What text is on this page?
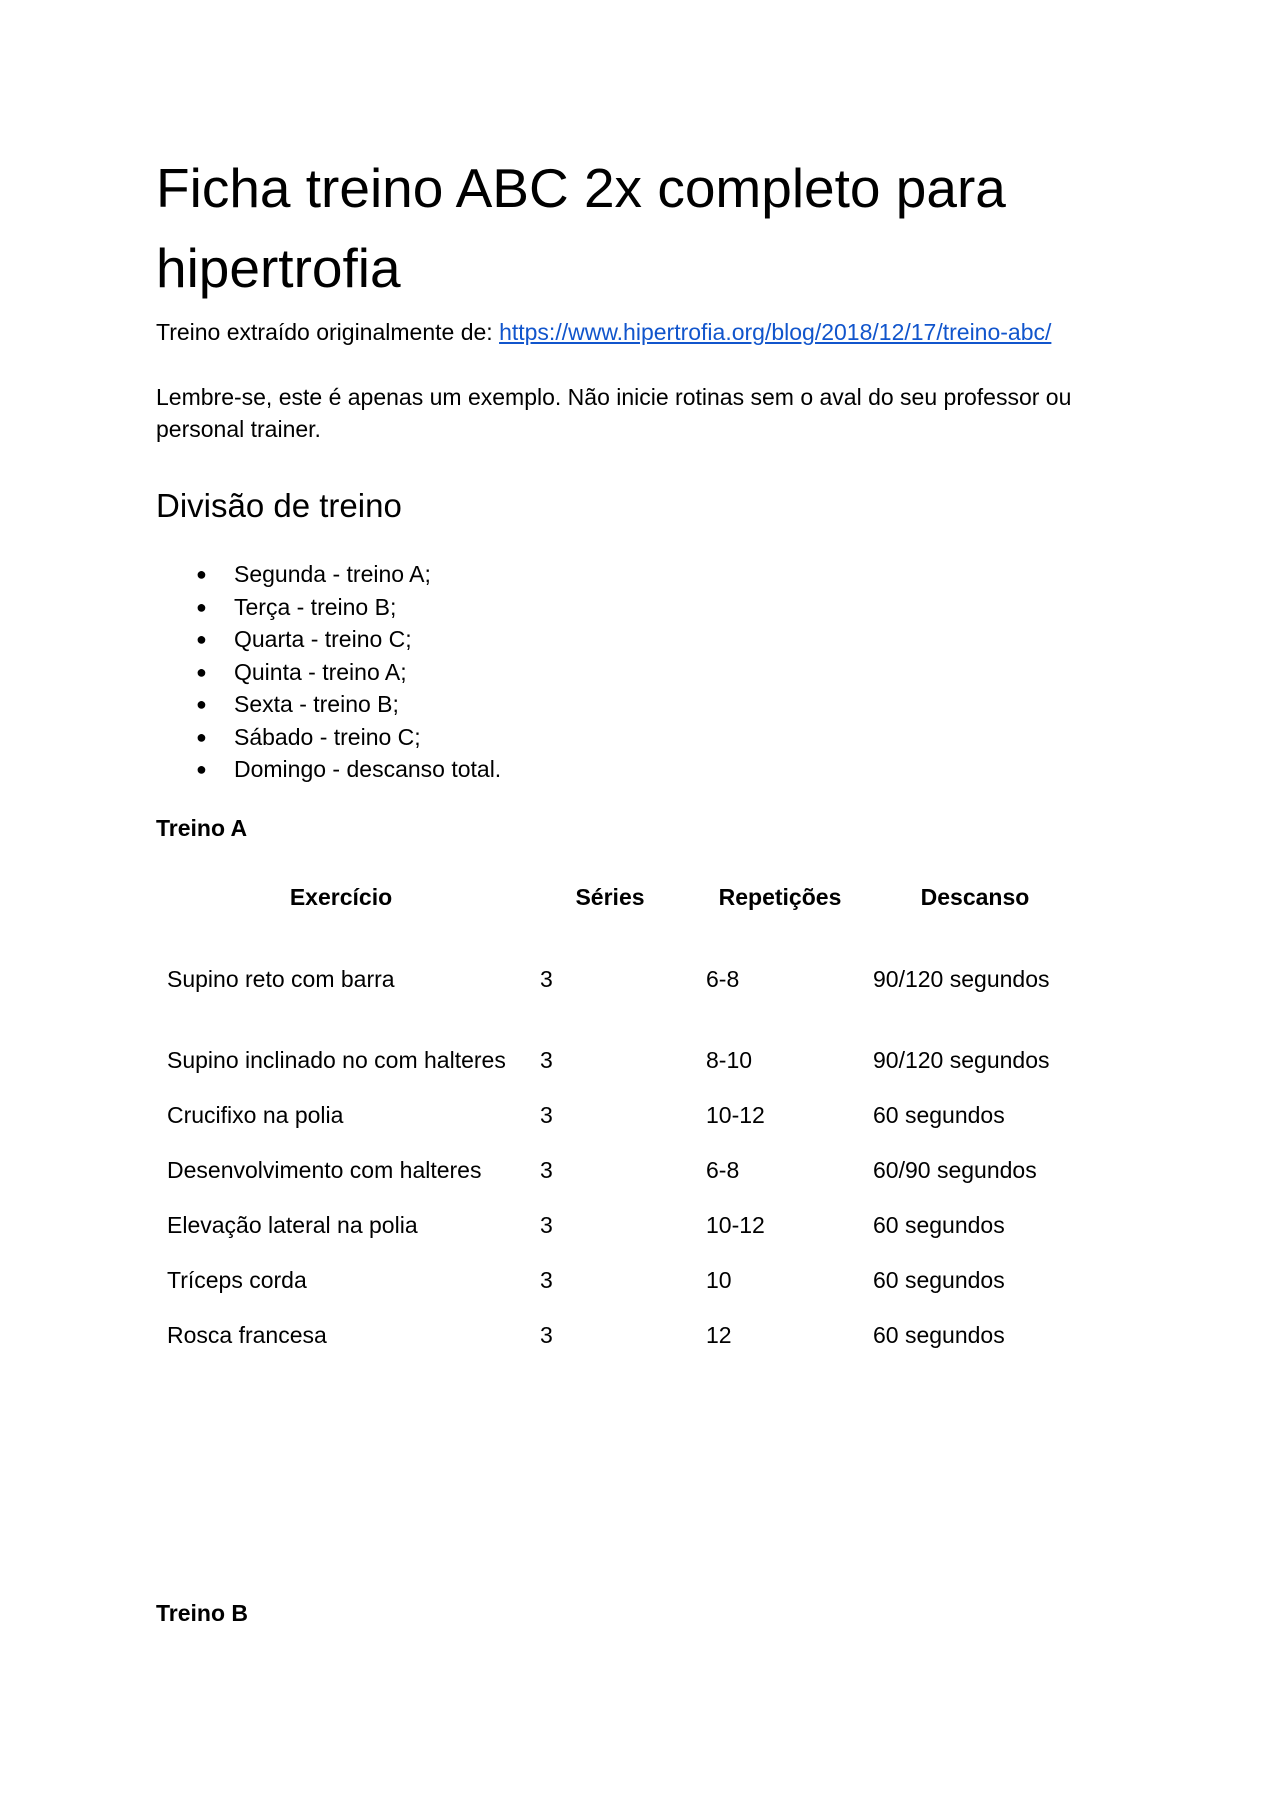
Ficha treino ABC 2x completo para hipertrofia
Treino extraído originalmente de: https://www.hipertrofia.org/blog/2018/12/17/treino-abc/
Lembre-se, este é apenas um exemplo. Não inicie rotinas sem o aval do seu professor ou personal trainer.
Divisão de treino
● Segunda - treino A;
● Terça - treino B;
● Quarta - treino C;
● Quinta - treino A;
● Sexta - treino B;
● Sábado - treino C;
● Domingo - descanso total.
Treino A
Exercício	Séries	Repetições	Descanso
Supino reto com barra	3	6-8	90/120 segundos
Supino inclinado no com halteres 3	8-10	90/120 segundos
Crucifixo na polia	3	10-12	60 segundos
Desenvolvimento com halteres	3	6-8	60/90 segundos
Elevação lateral na polia	3	10-12	60 segundos
Tríceps corda	3	10	60 segundos
Rosca francesa	3	12	60 segundos
Treino B
